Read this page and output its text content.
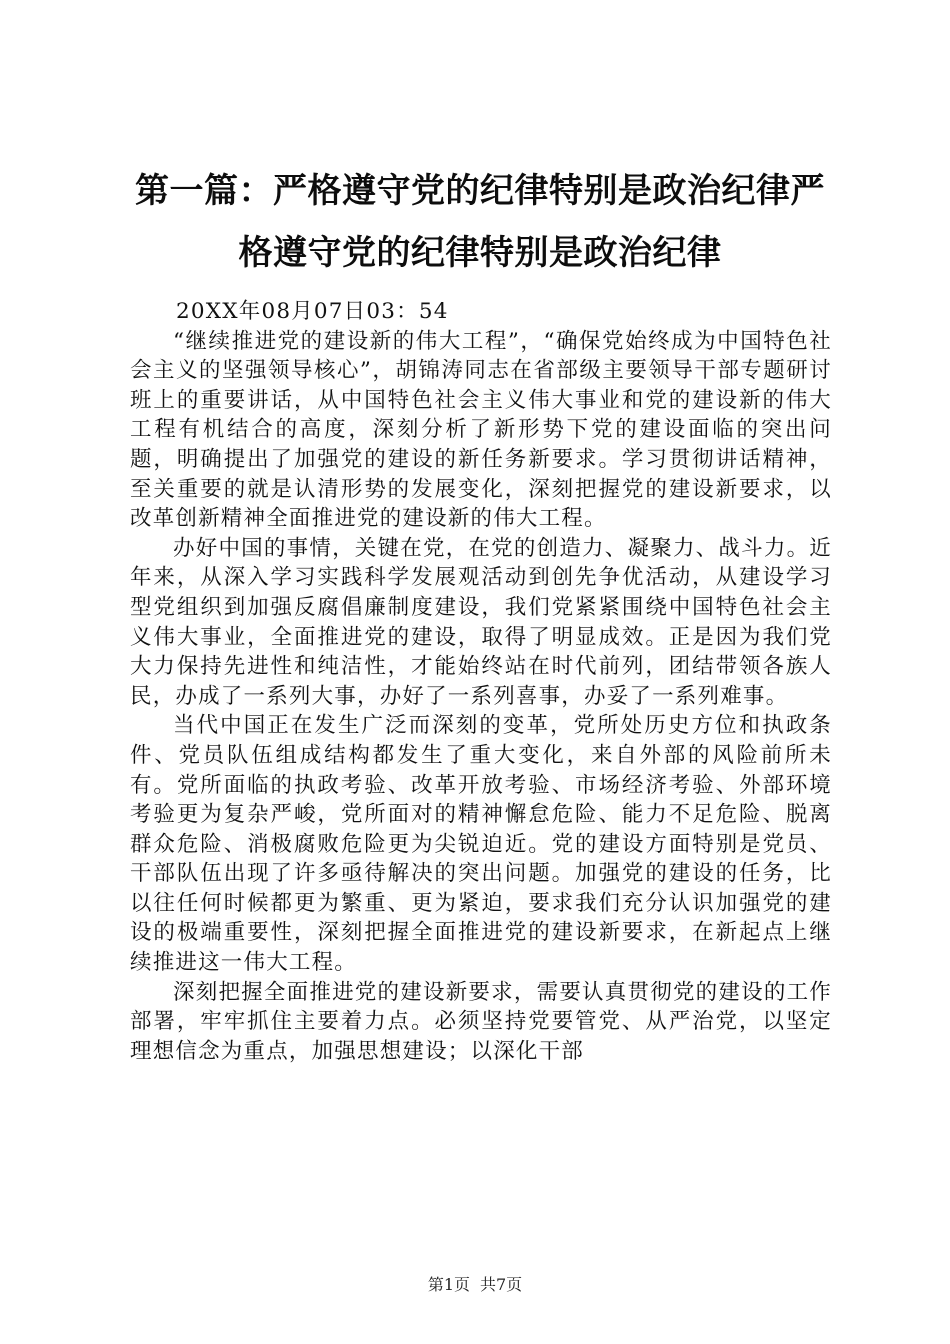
第一篇：严格遵守党的纪律特别是政治纪律严
格遵守党的纪律特别是政治纪律

20XX年08月07日03：54

“继续推进党的建设新的伟大工程”，“确保党始终成为中国特色社会主义的坚强领导核心”，胡锦涛同志在省部级主要领导干部专题研讨班上的重要讲话，从中国特色社会主义伟大事业和党的建设新的伟大工程有机结合的高度，深刻分析了新形势下党的建设面临的突出问题，明确提出了加强党的建设的新任务新要求。学习贯彻讲话精神，至关重要的就是认清形势的发展变化，深刻把握党的建设新要求，以改革创新精神全面推进党的建设新的伟大工程。

办好中国的事情，关键在党，在党的创造力、凝聚力、战斗力。近年来，从深入学习实践科学发展观活动到创先争优活动，从建设学习型党组织到加强反腐倡廉制度建设，我们党紧紧围绕中国特色社会主义伟大事业，全面推进党的建设，取得了明显成效。正是因为我们党大力保持先进性和纯洁性，才能始终站在时代前列，团结带领各族人民，办成了一系列大事，办好了一系列喜事，办妥了一系列难事。

当代中国正在发生广泛而深刻的变革，党所处历史方位和执政条件、党员队伍组成结构都发生了重大变化，来自外部的风险前所未有。党所面临的执政考验、改革开放考验、市场经济考验、外部环境考验更为复杂严峻，党所面对的精神懈怠危险、能力不足危险、脱离群众危险、消极腐败危险更为尖锐迫近。党的建设方面特别是党员、干部队伍出现了许多亟待解决的突出问题。加强党的建设的任务，比以往任何时候都更为繁重、更为紧迫，要求我们充分认识加强党的建设的极端重要性，深刻把握全面推进党的建设新要求，在新起点上继续推进这一伟大工程。

深刻把握全面推进党的建设新要求，需要认真贯彻党的建设的工作部署，牢牢抓住主要着力点。必须坚持党要管党、从严治党，以坚定理想信念为重点，加强思想建设；以深化干部

第1页 共7页
